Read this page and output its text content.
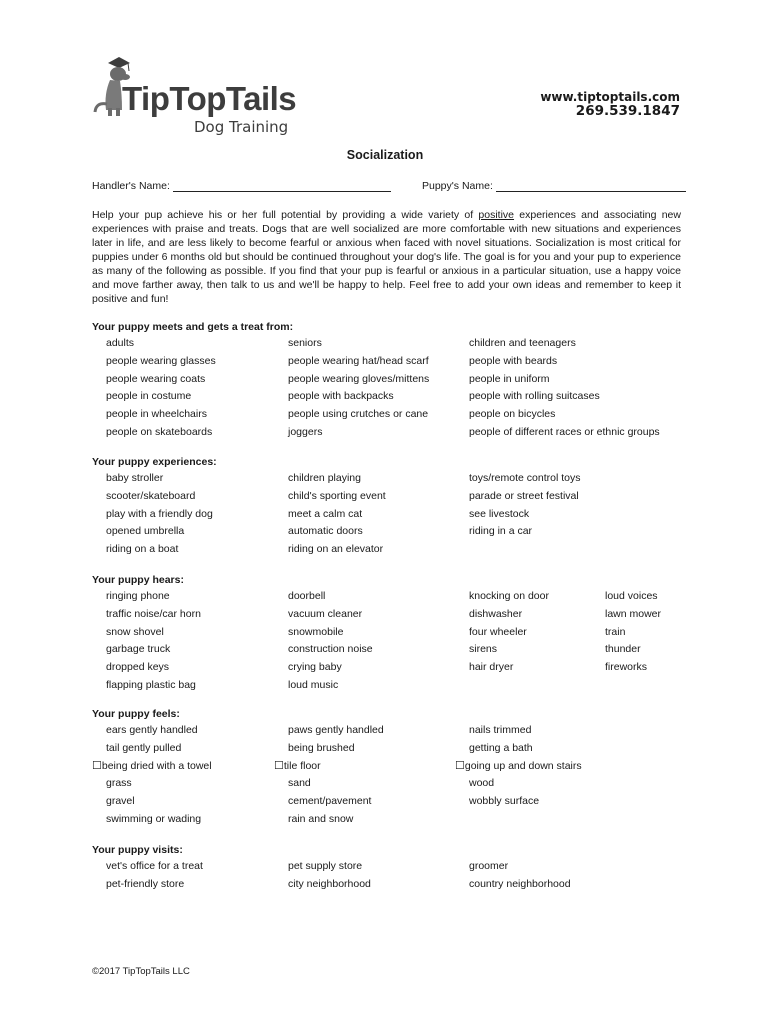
TipTopTails
Dog Training
www.tiptoptails.com
269.539.1847
Socialization
Handler's Name:	Puppy's Name:
Help your pup achieve his or her full potential by providing a wide variety of positive experiences and associating new experiences with praise and treats. Dogs that are well socialized are more comfortable with new situations and experiences later in life, and are less likely to become fearful or anxious when faced with novel situations. Socialization is most critical for puppies under 6 months old but should be continued throughout your dog's life. The goal is for you and your pup to experience as many of the following as possible. If you find that your pup is fearful or anxious in a particular situation, use a happy voice and move farther away, then talk to us and we'll be happy to help. Feel free to add your own ideas and remember to keep it positive and fun!
Your puppy meets and gets a treat from:
adults	seniors	children and teenagers
people wearing glasses	people wearing hat/head scarf	people with beards
people wearing coats	people wearing gloves/mittens	people in uniform
people in costume	people with backpacks	people with rolling suitcases
people in wheelchairs	people using crutches or cane	people on bicycles
people on skateboards	joggers	people of different races or ethnic groups
Your puppy experiences:
baby stroller	children playing	toys/remote control toys
scooter/skateboard	child's sporting event	parade or street festival
play with a friendly dog	meet a calm cat	see livestock
opened umbrella	automatic doors	riding in a car
riding on a boat	riding on an elevator
Your puppy hears:
ringing phone	doorbell	knocking on door	loud voices
traffic noise/car horn	vacuum cleaner	dishwasher	lawn mower
snow shovel	snowmobile	four wheeler	train
garbage truck	construction noise	sirens	thunder
dropped keys	crying baby	hair dryer	fireworks
flapping plastic bag	loud music
Your puppy feels:
ears gently handled	paws gently handled	nails trimmed
tail gently pulled	being brushed	getting a bath
☐being dried with a towel	☐tile floor	☐going up and down stairs
grass	sand	wood
gravel	cement/pavement	wobbly surface
swimming or wading	rain and snow
Your puppy visits:
vet's office for a treat	pet supply store	groomer
pet-friendly store	city neighborhood	country neighborhood
©2017 TipTopTails LLC
